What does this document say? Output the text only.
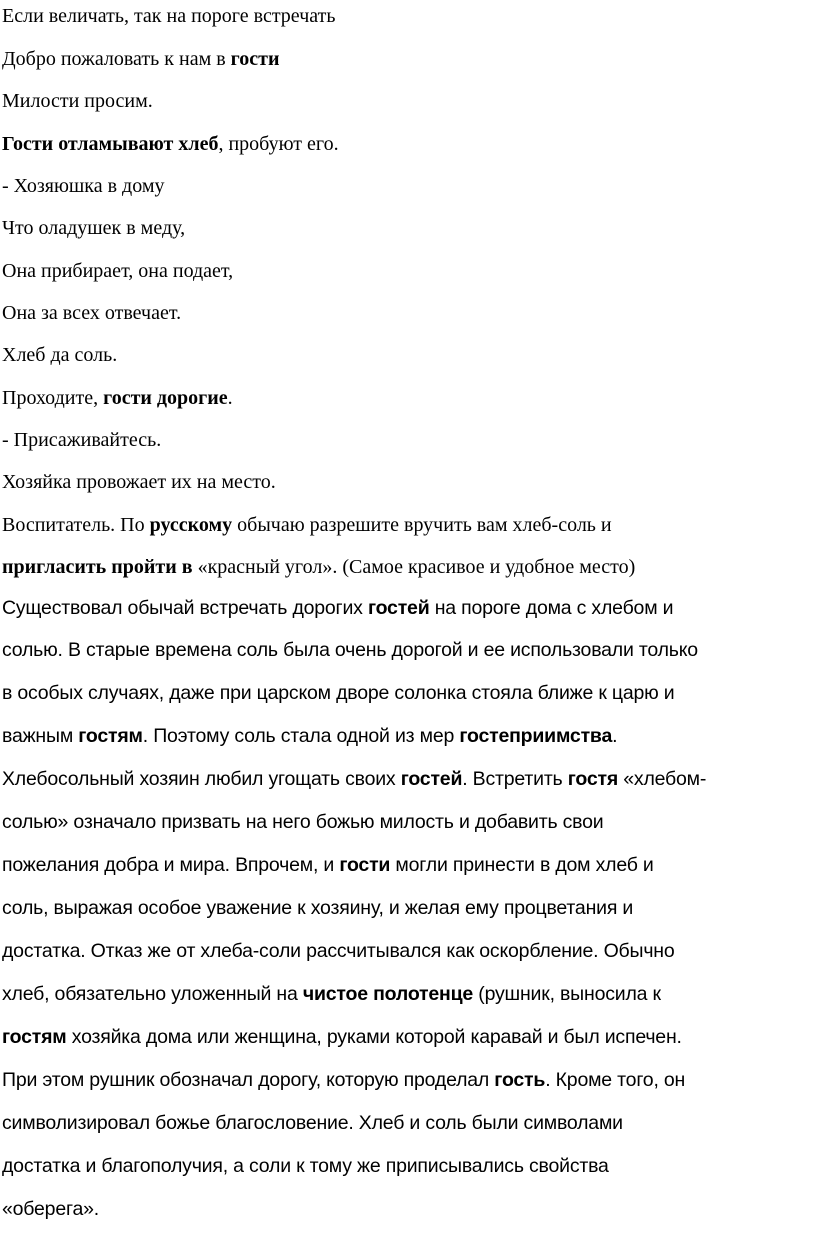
Если величать, так на пороге встречать
Добро пожаловать к нам в гости
Милости просим.
Гости отламывают хлеб, пробуют его.
- Хозяюшка в дому
Что оладушек в меду,
Она прибирает, она подает,
Она за всех отвечает.
Хлеб да соль.
Проходите, гости дорогие.
- Присаживайтесь.
Хозяйка провожает их на место.
Воспитатель. По русскому обычаю разрешите вручить вам хлеб-соль и
пригласить пройти в «красный угол». (Самое красивое и удобное место)
Существовал обычай встречать дорогих гостей на пороге дома с хлебом и
солью. В старые времена соль была очень дорогой и ее использовали только
в особых случаях, даже при царском дворе солонка стояла ближе к царю и
важным гостям. Поэтому соль стала одной из мер гостеприимства.
Хлебосольный хозяин любил угощать своих гостей. Встретить гостя «хлебом-
солью» означало призвать на него божью милость и добавить свои
пожелания добра и мира. Впрочем, и гости могли принести в дом хлеб и
соль, выражая особое уважение к хозяину, и желая ему процветания и
достатка. Отказ же от хлеба-соли рассчитывался как оскорбление. Обычно
хлеб, обязательно уложенный на чистое полотенце (рушник, выносила к
гостям хозяйка дома или женщина, руками которой каравай и был испечен.
При этом рушник обозначал дорогу, которую проделал гость. Кроме того, он
символизировал божье благословение. Хлеб и соль были символами
достатка и благополучия, а соли к тому же приписывались свойства
«оберега».
